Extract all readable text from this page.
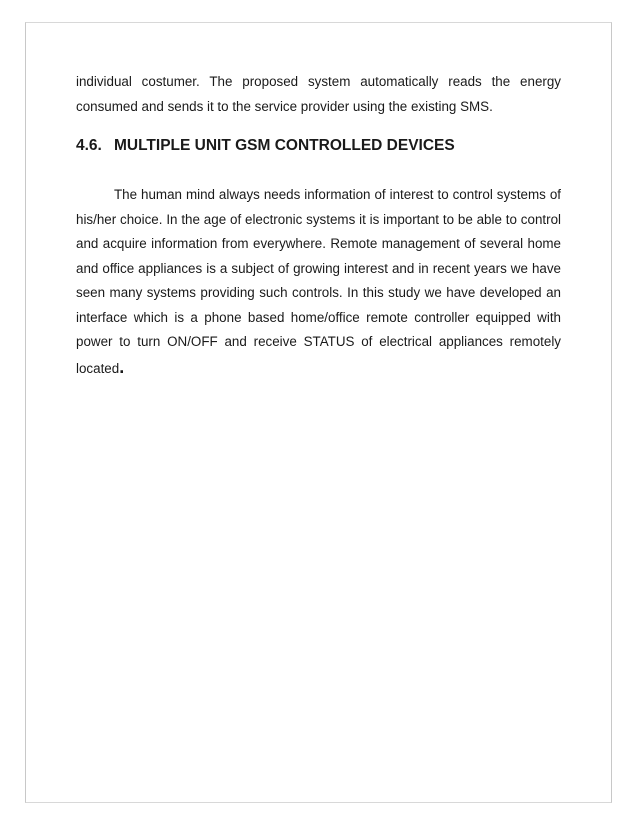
individual costumer. The proposed system automatically reads the energy consumed and sends it to the service provider using the existing SMS.

4.6. MULTIPLE UNIT GSM CONTROLLED DEVICES

The human mind always needs information of interest to control systems of his/her choice. In the age of electronic systems it is important to be able to control and acquire information from everywhere. Remote management of several home and office appliances is a subject of growing interest and in recent years we have seen many systems providing such controls. In this study we have developed an interface which is a phone based home/office remote controller equipped with power to turn ON/OFF and receive STATUS of electrical appliances remotely located.
